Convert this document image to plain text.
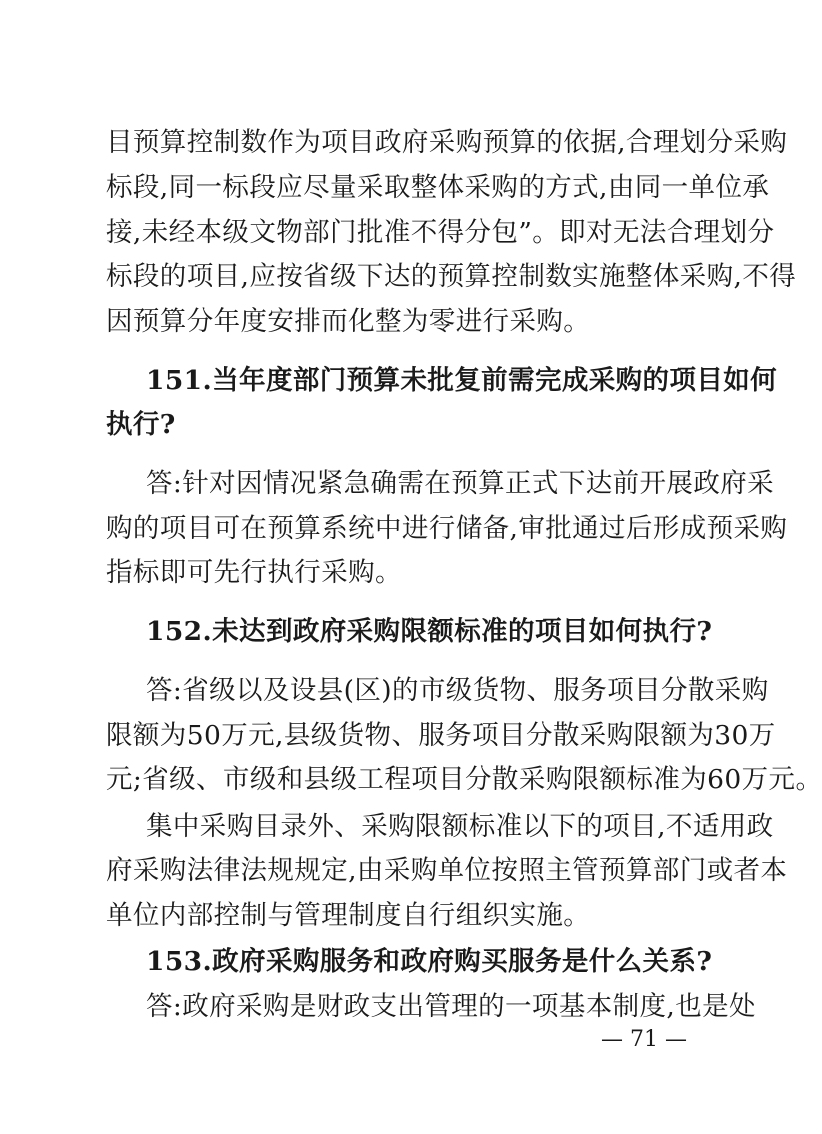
目预算控制数作为项目政府采购预算的依据,合理划分采购
标段,同一标段应尽量采取整体采购的方式,由同一单位承
接,未经本级文物部门批准不得分包”。即对无法合理划分
标段的项目,应按省级下达的预算控制数实施整体采购,不得
因预算分年度安排而化整为零进行采购。
151.当年度部门预算未批复前需完成采购的项目如何
执行?
答:针对因情况紧急确需在预算正式下达前开展政府采
购的项目可在预算系统中进行储备,审批通过后形成预采购
指标即可先行执行采购。
152.未达到政府采购限额标准的项目如何执行?
答:省级以及设县(区)的市级货物、服务项目分散采购
限额为50万元,县级货物、服务项目分散采购限额为30万
元;省级、市级和县级工程项目分散采购限额标准为60万元。
集中采购目录外、采购限额标准以下的项目,不适用政
府采购法律法规规定,由采购单位按照主管预算部门或者本
单位内部控制与管理制度自行组织实施。
153.政府采购服务和政府购买服务是什么关系?
答:政府采购是财政支出管理的一项基本制度,也是处
— 71 —
